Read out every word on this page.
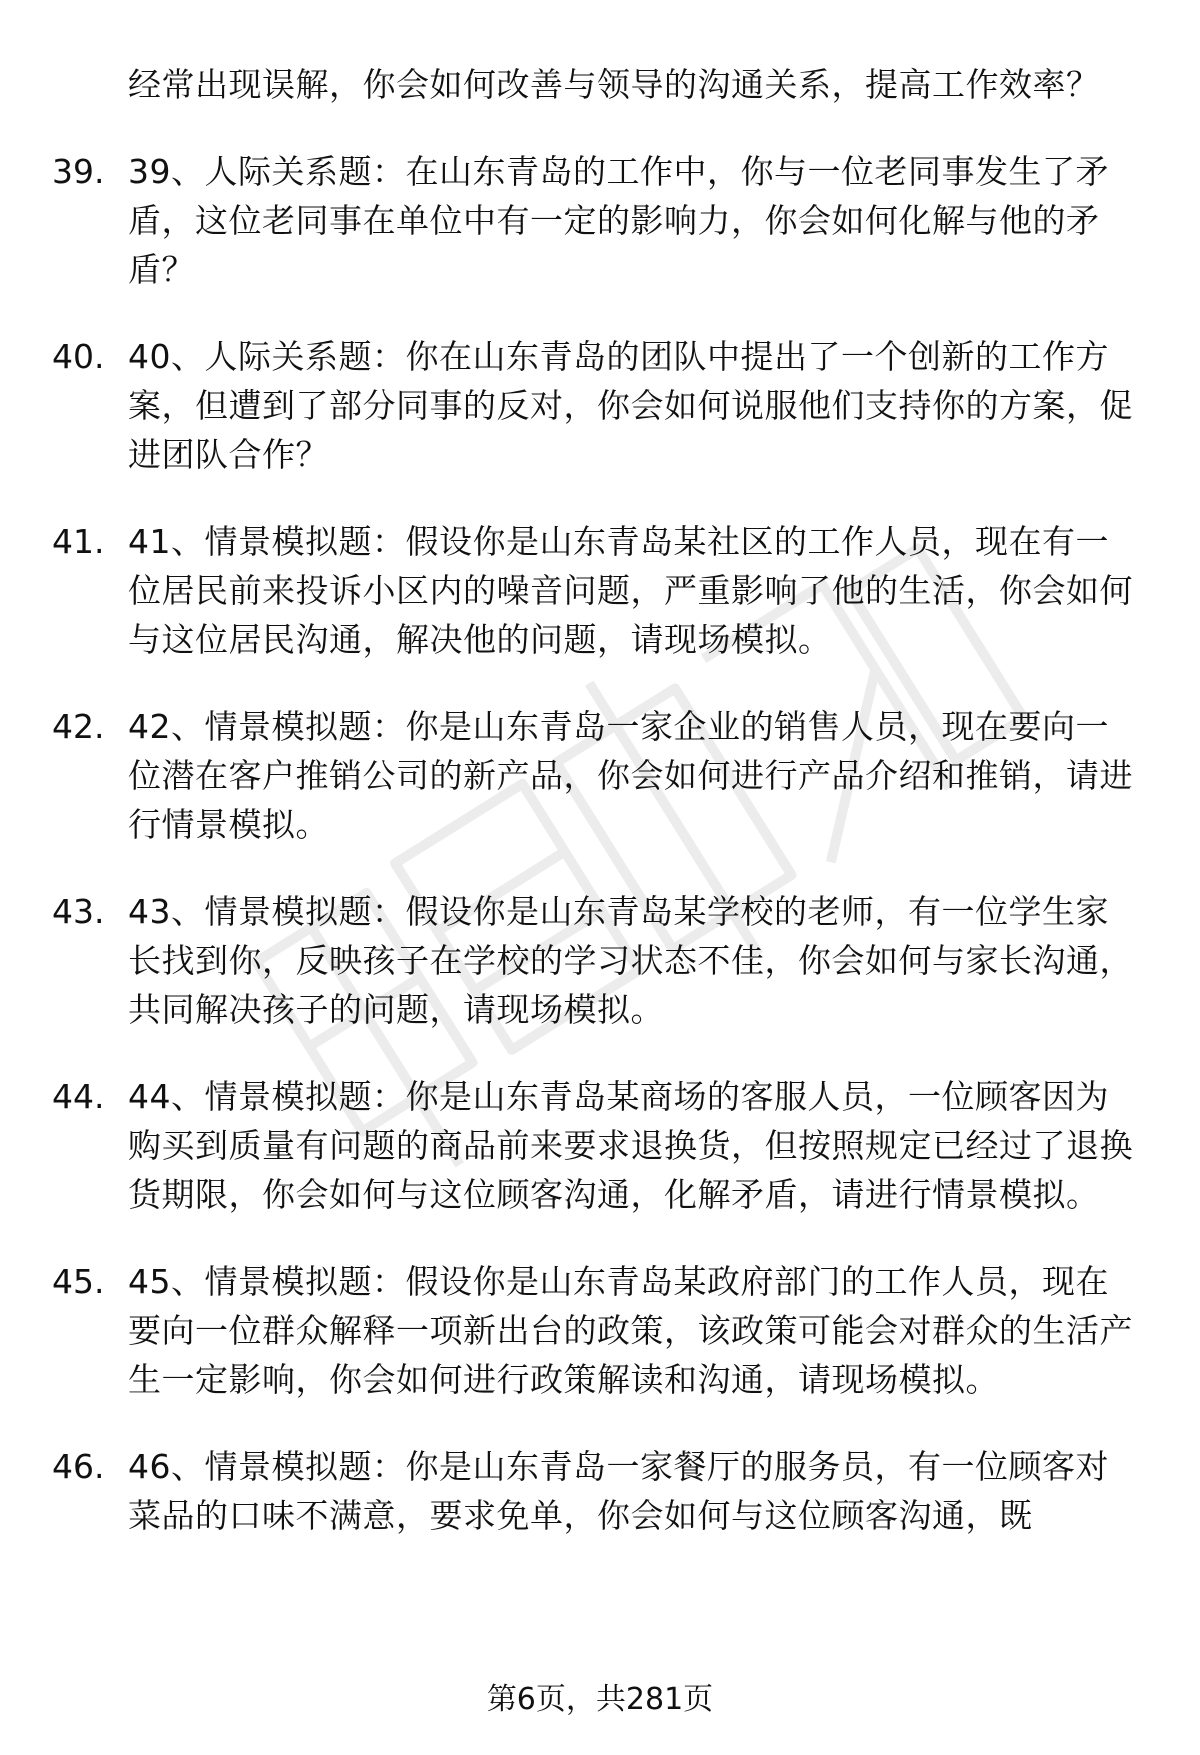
经常出现误解，你会如何改善与领导的沟通关系，提高工作效率？
39. 39、人际关系题：在山东青岛的工作中，你与一位老同事发生了矛盾，这位老同事在单位中有一定的影响力，你会如何化解与他的矛盾？
40. 40、人际关系题：你在山东青岛的团队中提出了一个创新的工作方案，但遭到了部分同事的反对，你会如何说服他们支持你的方案，促进团队合作？
41. 41、情景模拟题：假设你是山东青岛某社区的工作人员，现在有一位居民前来投诉小区内的噪音问题，严重影响了他的生活，你会如何与这位居民沟通，解决他的问题，请现场模拟。
42. 42、情景模拟题：你是山东青岛一家企业的销售人员，现在要向一位潜在客户推销公司的新产品，你会如何进行产品介绍和推销，请进行情景模拟。
43. 43、情景模拟题：假设你是山东青岛某学校的老师，有一位学生家长找到你，反映孩子在学校的学习状态不佳，你会如何与家长沟通，共同解决孩子的问题，请现场模拟。
44. 44、情景模拟题：你是山东青岛某商场的客服人员，一位顾客因为购买到质量有问题的商品前来要求退换货，但按照规定已经过了退换货期限，你会如何与这位顾客沟通，化解矛盾，请进行情景模拟。
45. 45、情景模拟题：假设你是山东青岛某政府部门的工作人员，现在要向一位群众解释一项新出台的政策，该政策可能会对群众的生活产生一定影响，你会如何进行政策解读和沟通，请现场模拟。
46. 46、情景模拟题：你是山东青岛一家餐厅的服务员，有一位顾客对菜品的口味不满意，要求免单，你会如何与这位顾客沟通，既
第6页，共281页
